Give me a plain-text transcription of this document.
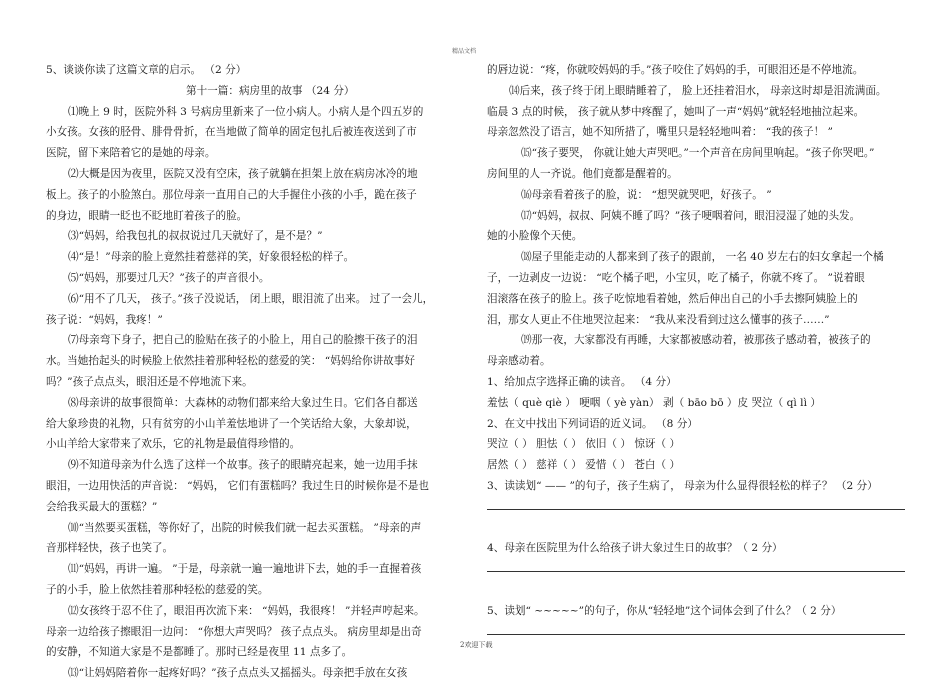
精品文档
5、谈谈你读了这篇文章的启示。 （2 分）
第十一篇：病房里的故事 （24 分）
⑴晚上 9 时，医院外科 3 号病房里新来了一位小病人。小病人是个四五岁的
小女孩。女孩的胫骨、腓骨骨折，在当地做了简单的固定包扎后被连夜送到了市
医院，留下来陪着它的是她的母亲。
⑵大概是因为夜里，医院又没有空床，孩子就躺在担架上放在病房冰冷的地
板上。孩子的小脸煞白。那位母亲一直用自己的大手握住小孩的小手，跪在孩子
的身边，眼睛一眨也不眨地盯着孩子的脸。
⑶“妈妈，给我包扎的叔叔说过几天就好了，是不是？”
⑷“是！”母亲的脸上竟然挂着慈祥的笑，好象很轻松的样子。
⑸“妈妈，那要过几天？”孩子的声音很小。
⑹“用不了几天， 孩子。”孩子没说话， 闭上眼，眼泪流了出来。 过了一会儿，
孩子说：“妈妈，我疼！”
⑺母亲弯下身子，把自己的脸贴在孩子的小脸上，用自己的脸擦干孩子的泪
水。当她抬起头的时候脸上依然挂着那种轻松的慈爱的笑： “妈妈给你讲故事好
吗？”孩子点点头，眼泪还是不停地流下来。
⑻母亲讲的故事很简单：大森林的动物们都来给大象过生日。它们各自都送
给大象珍贵的礼物，只有贫穷的小山羊羞怯地讲了一个笑话给大象，大象却说，
小山羊给大家带来了欢乐，它的礼物是最值得珍惜的。
⑼不知道母亲为什么选了这样一个故事。孩子的眼睛亮起来，她一边用手抹
眼泪，一边用快活的声音说： “妈妈， 它们有蛋糕吗？我过生日的时候你是不是也
会给我买最大的蛋糕？”
⑽“当然要买蛋糕，等你好了，出院的时候我们就一起去买蛋糕。 ”母亲的声
音那样轻快，孩子也笑了。
⑾“妈妈，再讲一遍。 ”于是，母亲就一遍一遍地讲下去，她的手一直握着孩
子的小手，脸上依然挂着那种轻松的慈爱的笑。
⑿女孩终于忍不住了，眼泪再次流下来： “妈妈，我很疼！ ”并轻声哼起来。
母亲一边给孩子擦眼泪一边问： “你想大声哭吗？ 孩子点点头。 病房里却是出奇
的安静，不知道大家是不是都睡了。那时已经是夜里 11 点多了。
⒀“让妈妈陪着你一起疼好吗？”孩子点点头又摇摇头。母亲把手放在女孩
的唇边说：“疼，你就咬妈妈的手。”孩子咬住了妈妈的手，可眼泪还是不停地流。
⒁后来，孩子终于闭上眼睛睡着了， 脸上还挂着泪水， 母亲这时却是泪流满面。
临晨 3 点的时候， 孩子就从梦中疼醒了，她叫了一声“妈妈”就轻轻地抽泣起来。
母亲忽然没了语言，她不知所措了，嘴里只是轻轻地叫着： “我的孩子！ ”
⒂“孩子要哭， 你就让她大声哭吧。”一个声音在房间里响起。“孩子你哭吧。”
房间里的人一齐说。他们竟都是醒着的。
⒃母亲看着孩子的脸，说： “想哭就哭吧，好孩子。 ”
⒄“妈妈，叔叔、阿姨不睡了吗？”孩子哽咽着问，眼泪浸湿了她的头发。
她的小脸像个天使。
⒅屋子里能走动的人都来到了孩子的跟前， 一名 40 岁左右的妇女拿起一个橘
子，一边剥皮一边说： “吃个橘子吧，小宝贝，吃了橘子，你就不疼了。 ”说着眼
泪滚落在孩子的脸上。孩子吃惊地看着她，然后伸出自己的小手去擦阿姨脸上的
泪，那女人更止不住地哭泣起来： “我从来没看到过这么懂事的孩子……”
⒆那一夜，大家都没有再睡，大家都被感动着，被那孩子感动着，被孩子的
母亲感动着。
1、给加点字选择正确的读音。 （4 分）
羞怯（ què qiè ） 哽咽（ yè yàn） 剥（ bāo bō ）皮 哭泣（ qì lì ）
2、在文中找出下列词语的近义词。 （8 分）
哭泣（ ） 胆怯（ ） 依旧（ ） 惊讶（ ）
居然（ ） 慈祥（ ） 爱惜（ ） 苍白（ ）
3、读读划“ —— ”的句子，孩子生病了， 母亲为什么显得很轻松的样子？ （2 分）
4、母亲在医院里为什么给孩子讲大象过生日的故事？（ 2 分）
5、读划“ ~~~~~”的句子，你从“轻轻地”这个词体会到了什么？（ 2 分）
2欢迎下载
